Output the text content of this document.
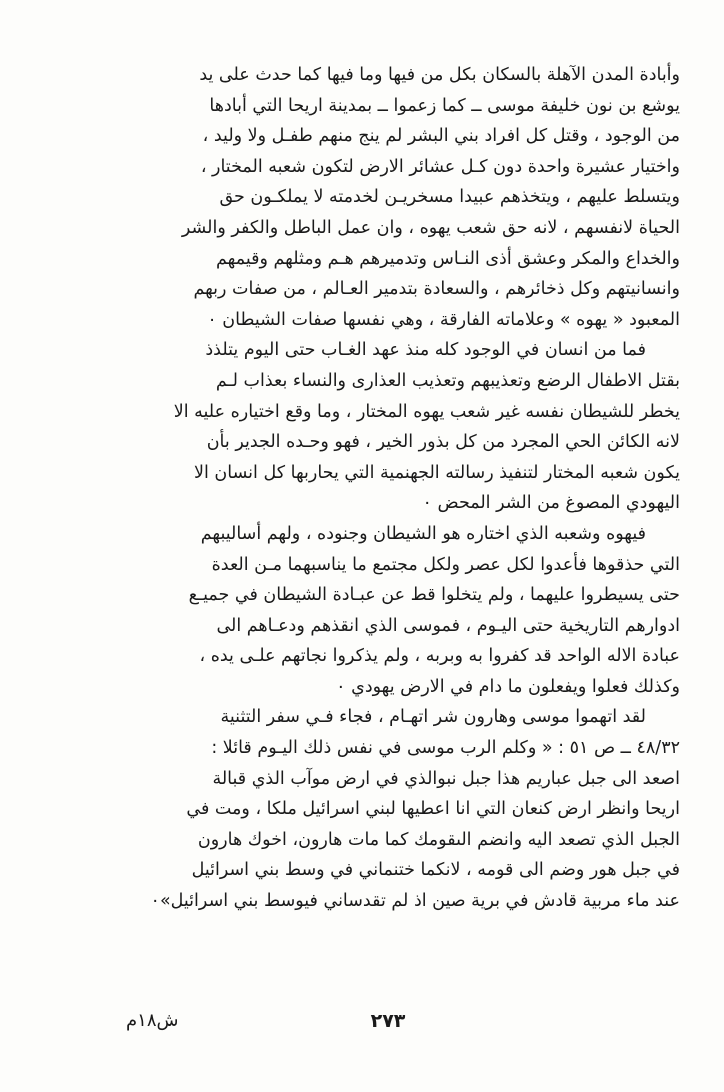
وأبادة المدن الآهلة بالسكان بكل من فيها وما فيها كما حدث على يد
يوشع بن نون خليفة موسى ــ كما زعموا ــ بمدينة اريحا التي أبادها
من الوجود ، وقتل كل افراد بني البشر لم ينج منهم طفـل ولا وليد ،
واختيار عشيرة واحدة دون كـل عشائر الارض لتكون شعبه المختار ،
ويتسلط عليهم ، ويتخذهم عبيدا مسخريـن لخدمته لا يملكـون حق
الحياة لانفسهم ، لانه حق شعب يهوه ، وان عمل الباطل والكفر والشر
والخداع والمكر وعشق أذى النـاس وتدميرهم هـم ومثلهم وقيمهم
وانسانيتهم وكل ذخائرهم ، والسعادة بتدمير العـالم ، من صفات ربهم
المعبود « يهوه » وعلاماته الفارقة ، وهي نفسها صفات الشيطان ٠

فما من انسان في الوجود كله منذ عهد الغـاب حتى اليوم يتلذذ
بقتل الاطفال الرضع وتعذيبهم وتعذيب العذارى والنساء بعذاب لـم
يخطر للشيطان نفسه غير شعب يهوه المختار ، وما وقع اختياره عليه الا
لانه الكائن الحي المجرد من كل بذور الخير ، فهو وحـده الجدير بأن
يكون شعبه المختار لتنفيذ رسالته الجهنمية التي يحاربها كل انسان الا
اليهودي المصوغ من الشر المحض ٠

فيهوه وشعبه الذي اختاره هو الشيطان وجنوده ، ولهم أساليبهم
التي حذقوها فأعدوا لكل عصر ولكل مجتمع ما يناسبهما مـن العدة
حتى يسيطروا عليهما ، ولم يتخلوا قط عن عبـادة الشيطان في جميـع
ادوارهم التاريخية حتى اليـوم ، فموسى الذي انقذهم ودعـاهم الى
عبادة الاله الواحد قد كفروا به وبربه ، ولم يذكروا نجاتهم علـى يده ،
وكذلك فعلوا ويفعلون ما دام في الارض يهودي ٠

لقد اتهموا موسى وهارون شر اتهـام ، فجاء فـي سفر التثنية
٤٨/٣٢ ــ ص ٥١ : « وكلم الرب موسى في نفس ذلك اليـوم قائلا :
اصعد الى جبل عباريم هذا جبل نبوالذي في ارض موآب الذي قبالة
اريحا وانظر ارض كنعان التي انا اعطيها لبني اسرائيل ملكا ، ومت في
الجبل الذي تصعد اليه وانضم الىقومك كما مات هارون، اخوك هارون
في جبل هور وضم الى قومه ، لانكما ختنماني في وسط بني اسرائيل
عند ماء مربية قادش في برية صين اذ لم تقدساني فيوسط بني اسرائيل»٠

٢٧٣
ش١٨م
